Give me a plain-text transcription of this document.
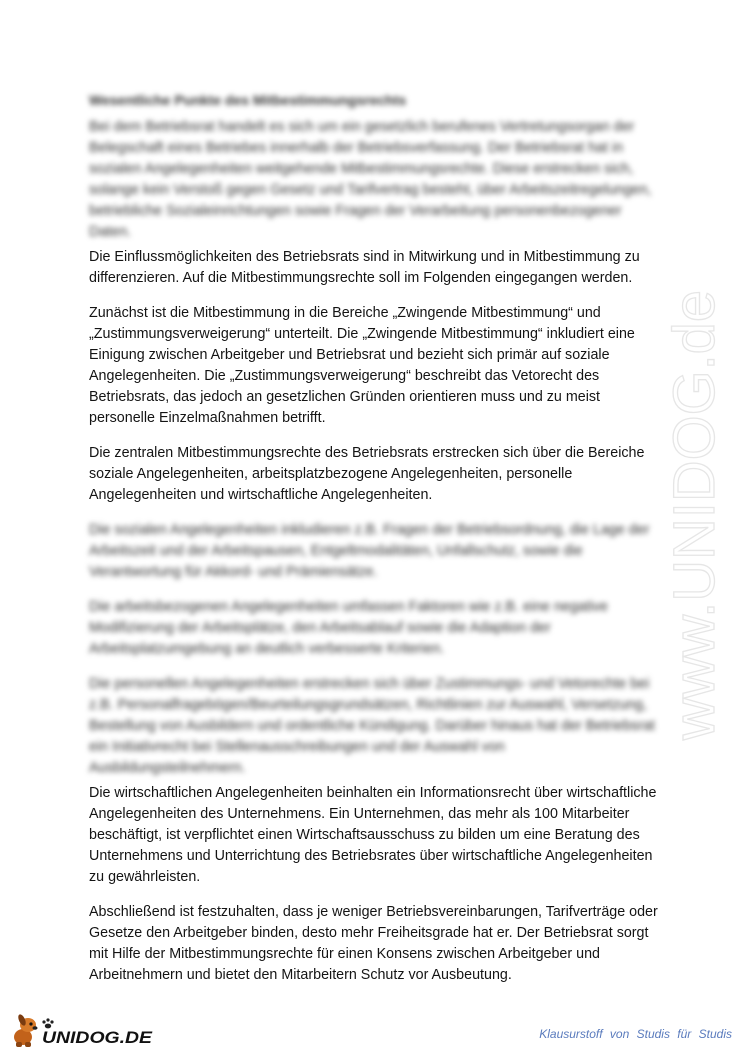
Wesentliche Punkte des Mitbestimmungsrechts
Bei dem Betriebsrat handelt es sich um ein gesetzlich berufenes Vertretungsorgan der Belegschaft eines Betriebes innerhalb der Betriebsverfassung. Der Betriebsrat hat in sozialen Angelegenheiten weitgehende Mitbestimmungsrechte. Diese erstrecken sich, solange kein Verstoß gegen Gesetz und Tarifvertrag besteht, über Arbeitszeitregelungen, betriebliche Sozialeinrichtungen sowie Fragen der Verarbeitung personenbezogener Daten.
Die Einflussmöglichkeiten des Betriebsrats sind in Mitwirkung und in Mitbestimmung zu differenzieren. Auf die Mitbestimmungsrechte soll im Folgenden eingegangen werden.
Zunächst ist die Mitbestimmung in die Bereiche „Zwingende Mitbestimmung“ und „Zustimmungsverweigerung“ unterteilt. Die „Zwingende Mitbestimmung“ inkludiert eine Einigung zwischen Arbeitgeber und Betriebsrat und bezieht sich primär auf soziale Angelegenheiten. Die „Zustimmungsverweigerung“ beschreibt das Vetorecht des Betriebsrats, das jedoch an gesetzlichen Gründen orientieren muss und zu meist personelle Einzelmaßnahmen betrifft.
Die zentralen Mitbestimmungsrechte des Betriebsrats erstrecken sich über die Bereiche soziale Angelegenheiten, arbeitsplatzbezogene Angelegenheiten, personelle Angelegenheiten und wirtschaftliche Angelegenheiten.
Die sozialen Angelegenheiten inkludieren z.B. Fragen der Betriebsordnung, die Lage der Arbeitszeit und der Arbeitspausen, Entgeltmodalitäten, Unfallschutz, sowie die Verantwortung für Akkord- und Prämiensätze.
Die arbeitsbezogenen Angelegenheiten umfassen Faktoren wie z.B. eine negative Modifizierung der Arbeitsplätze, den Arbeitsablauf sowie die Adaption der Arbeitsplatzumgebung an deutlich verbesserte Kriterien.
Die personellen Angelegenheiten erstrecken sich über Zustimmungs- und Vetorechte bei z.B. Personalfragebögen/Beurteilungsgrundsätzen, Richtlinien zur Auswahl, Versetzung, Bestellung von Ausbildern und ordentliche Kündigung. Darüber hinaus hat der Betriebsrat ein Initiativrecht bei Stellenausschreibungen und der Auswahl von Ausbildungsteilnehmern.
Die wirtschaftlichen Angelegenheiten beinhalten ein Informationsrecht über wirtschaftliche Angelegenheiten des Unternehmens. Ein Unternehmen, das mehr als 100 Mitarbeiter beschäftigt, ist verpflichtet einen Wirtschaftsausschuss zu bilden um eine Beratung des Unternehmens und Unterrichtung des Betriebsrates über wirtschaftliche Angelegenheiten zu gewährleisten.
Abschließend ist festzuhalten, dass je weniger Betriebsvereinbarungen, Tarifverträge oder Gesetze den Arbeitgeber binden, desto mehr Freiheitsgrade hat er. Der Betriebsrat sorgt mit Hilfe der Mitbestimmungsrechte für einen Konsens zwischen Arbeitgeber und Arbeitnehmern und bietet den Mitarbeitern Schutz vor Ausbeutung.
www.UNIDOG.de
UNIDOG.DE	Klausurstoff von Studis für Studis
